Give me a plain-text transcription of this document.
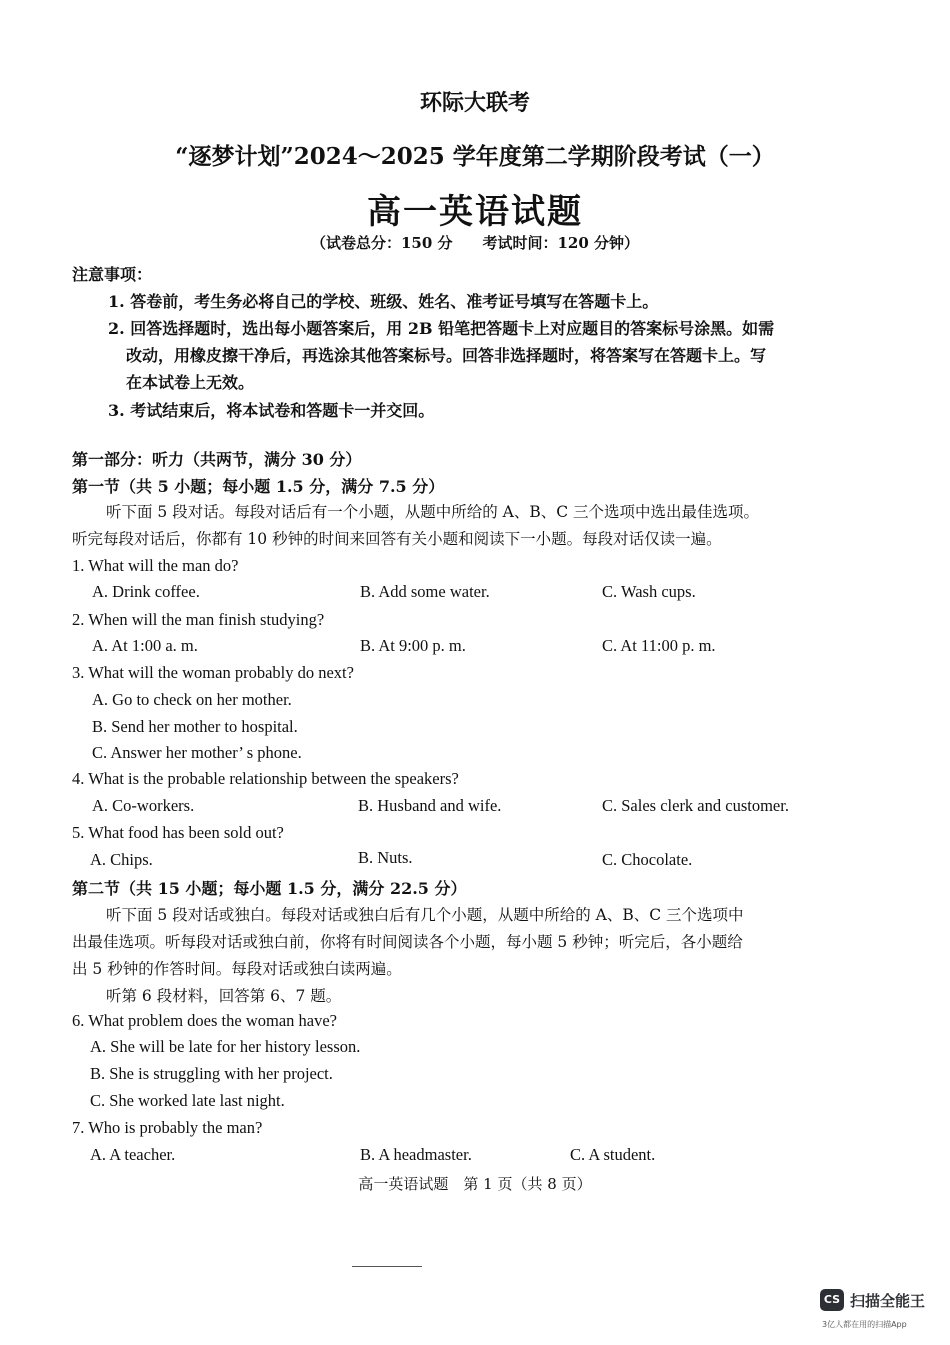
环际大联考
“逐梦计划”2024～2025 学年度第二学期阶段考试（一）
高一英语试题
（试卷总分：150 分　　考试时间：120 分钟）
注意事项：
1. 答卷前，考生务必将自己的学校、班级、姓名、准考证号填写在答题卡上。
2. 回答选择题时，选出每小题答案后，用 2B 铅笔把答题卡上对应题目的答案标号涂黑。如需
改动，用橡皮擦干净后，再选涂其他答案标号。回答非选择题时，将答案写在答题卡上。写
在本试卷上无效。
3. 考试结束后，将本试卷和答题卡一并交回。
第一部分：听力（共两节，满分 30 分）
第一节（共 5 小题；每小题 1.5 分，满分 7.5 分）
听下面 5 段对话。每段对话后有一个小题，从题中所给的 A、B、C 三个选项中选出最佳选项。
听完每段对话后，你都有 10 秒钟的时间来回答有关小题和阅读下一小题。每段对话仅读一遍。
1. What will the man do?
A. Drink coffee.	B. Add some water.	C. Wash cups.
2. When will the man finish studying?
A. At 1:00 a. m.	B. At 9:00 p. m.	C. At 11:00 p. m.
3. What will the woman probably do next?
A. Go to check on her mother.
B. Send her mother to hospital.
C. Answer her mother’ s phone.
4. What is the probable relationship between the speakers?
A. Co-workers.	B. Husband and wife.	C. Sales clerk and customer.
5. What food has been sold out?
A. Chips.	B. Nuts.	C. Chocolate.
第二节（共 15 小题；每小题 1.5 分，满分 22.5 分）
听下面 5 段对话或独白。每段对话或独白后有几个小题，从题中所给的 A、B、C 三个选项中
出最佳选项。听每段对话或独白前，你将有时间阅读各个小题，每小题 5 秒钟；听完后，各小题给
出 5 秒钟的作答时间。每段对话或独白读两遍。
听第 6 段材料，回答第 6、7 题。
6. What problem does the woman have?
A. She will be late for her history lesson.
B. She is struggling with her project.
C. She worked late last night.
7. Who is probably the man?
A. A teacher.	B. A headmaster.	C. A student.
高一英语试题　第 1 页（共 8 页）
CS 扫描全能王
3亿人都在用的扫描App
